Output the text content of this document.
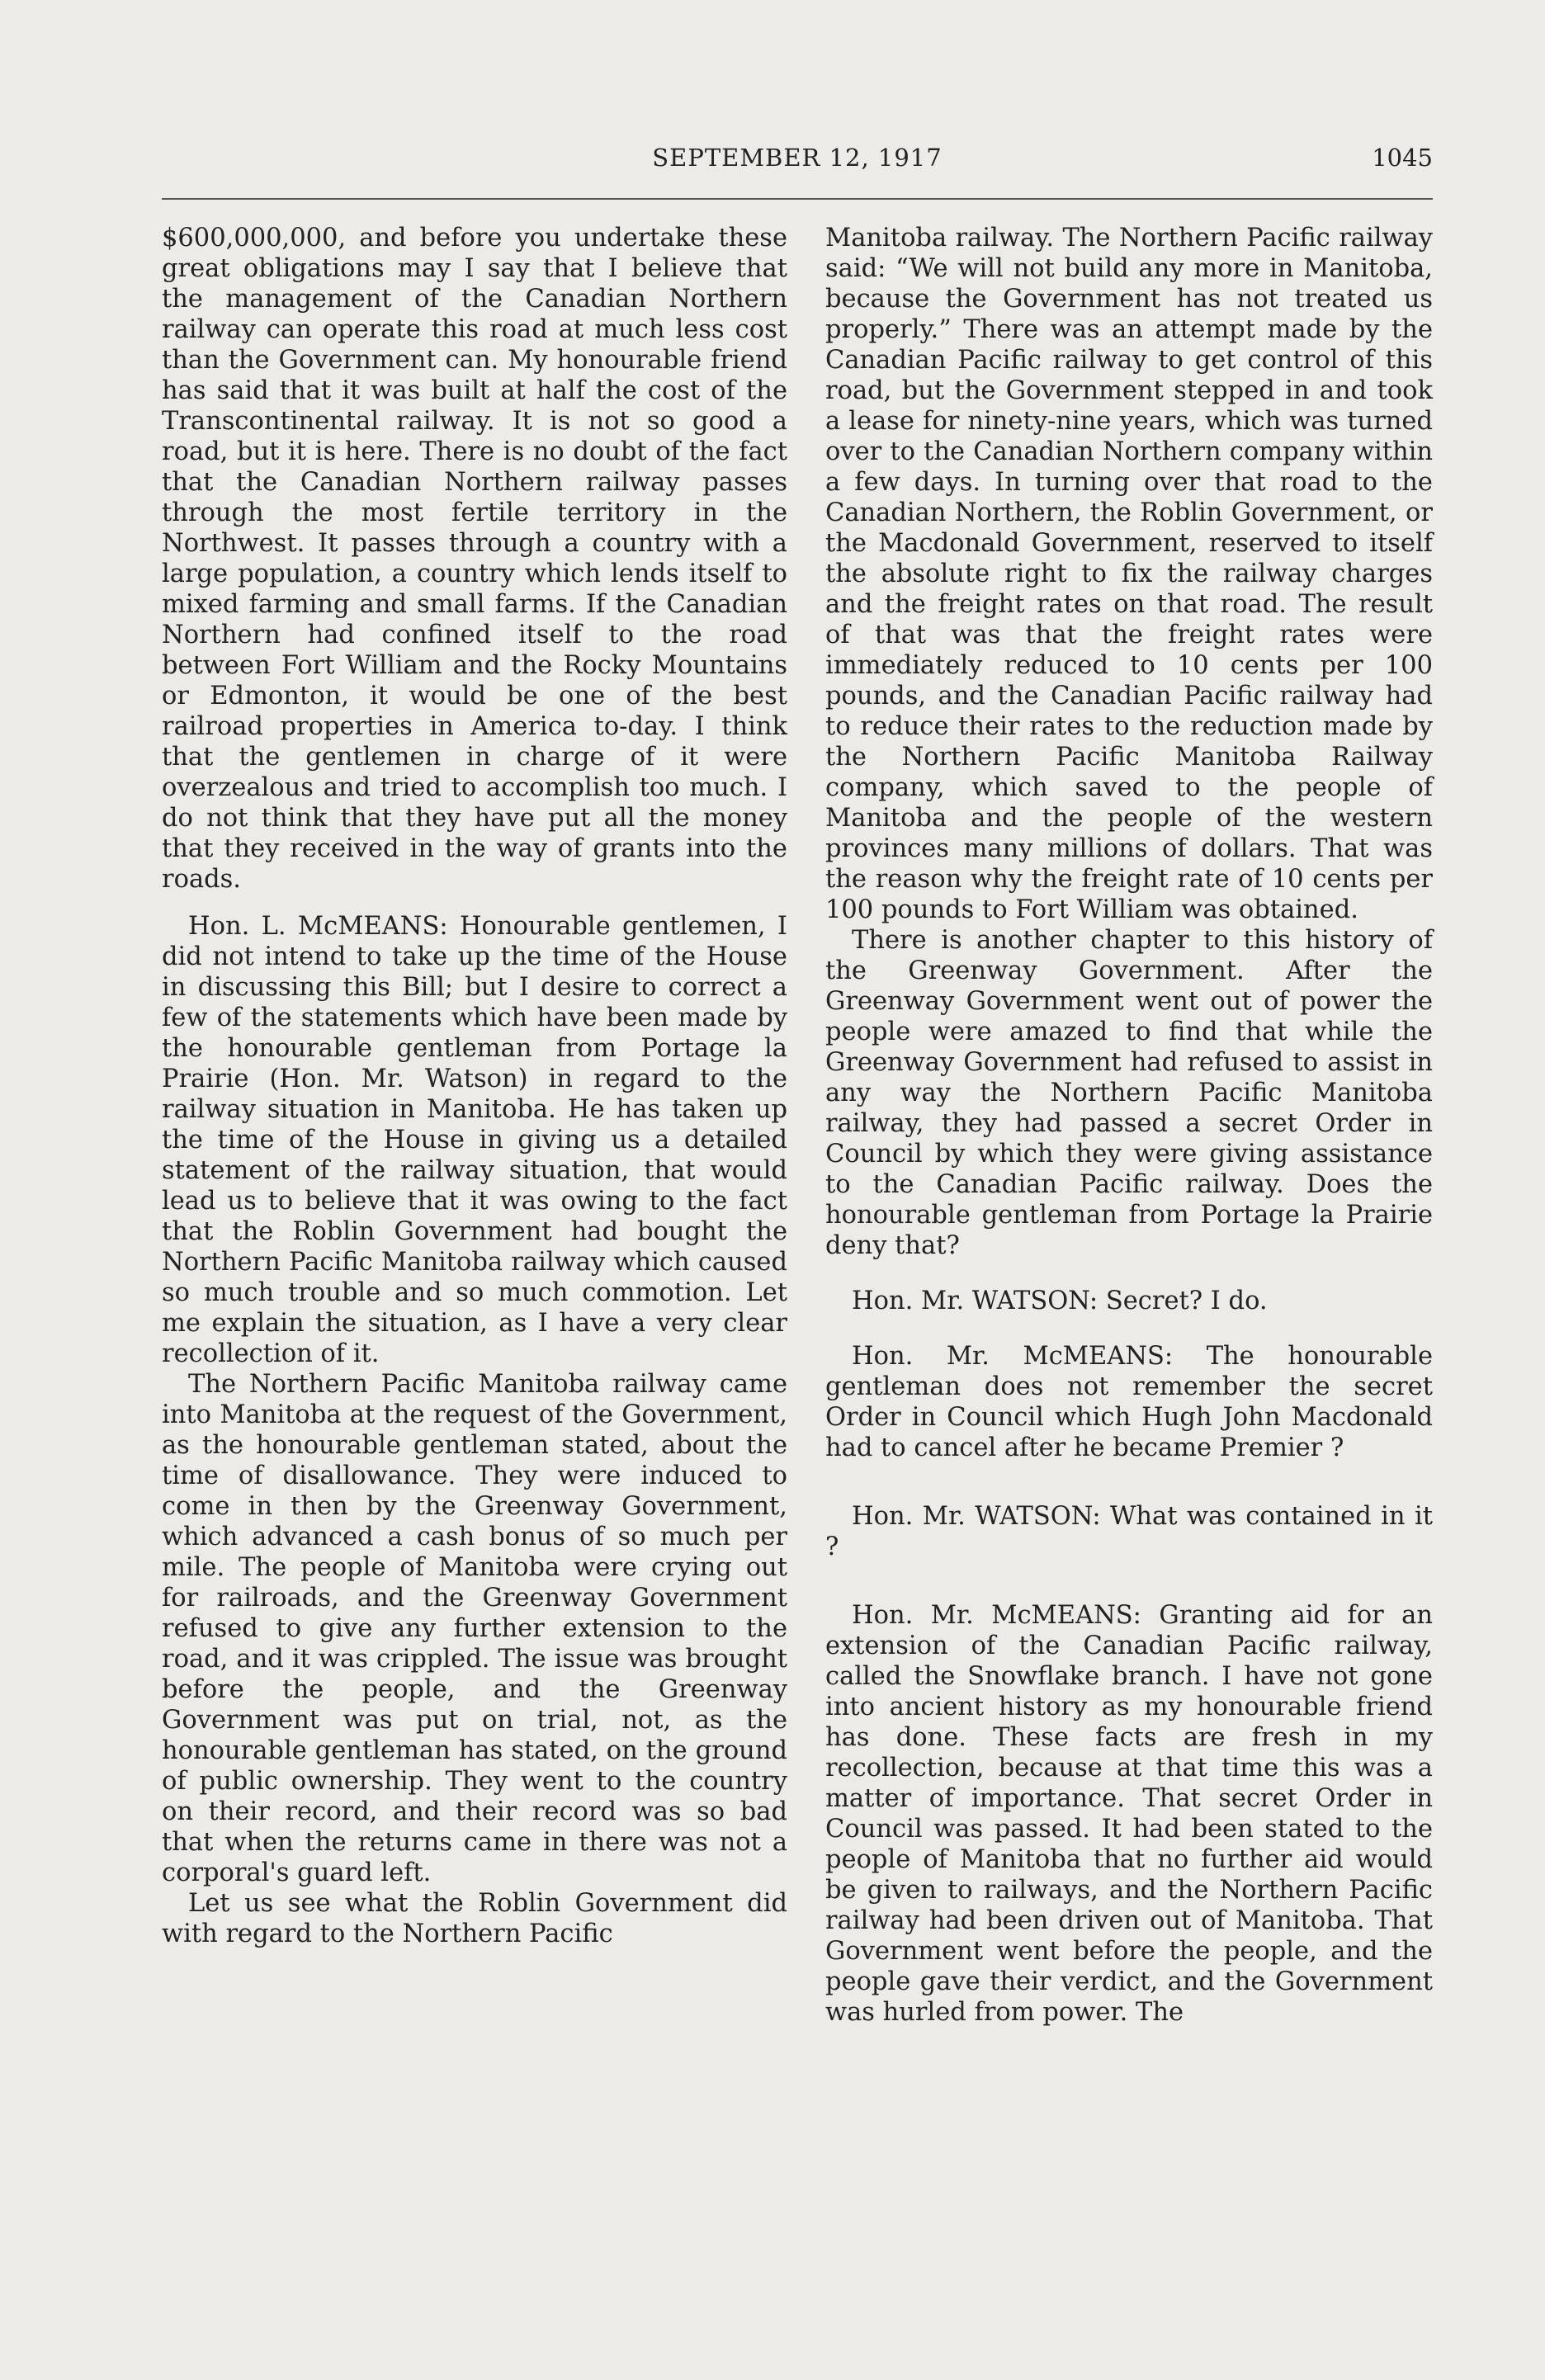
SEPTEMBER 12, 1917	1045

$600,000,000, and before you undertake these great obligations may I say that I believe that the management of the Canadian Northern railway can operate this road at much less cost than the Government can. My honourable friend has said that it was built at half the cost of the Transcontinental railway. It is not so good a road, but it is here. There is no doubt of the fact that the Canadian Northern railway passes through the most fertile territory in the Northwest. It passes through a country with a large population, a country which lends itself to mixed farming and small farms. If the Canadian Northern had confined itself to the road between Fort William and the Rocky Mountains or Edmonton, it would be one of the best railroad properties in America to-day. I think that the gentlemen in charge of it were overzealous and tried to accomplish too much. I do not think that they have put all the money that they received in the way of grants into the roads.

Hon. L. McMEANS: Honourable gentlemen, I did not intend to take up the time of the House in discussing this Bill; but I desire to correct a few of the statements which have been made by the honourable gentleman from Portage la Prairie (Hon. Mr. Watson) in regard to the railway situation in Manitoba. He has taken up the time of the House in giving us a detailed statement of the railway situation, that would lead us to believe that it was owing to the fact that the Roblin Government had bought the Northern Pacific Manitoba railway which caused so much trouble and so much commotion. Let me explain the situation, as I have a very clear recollection of it.

The Northern Pacific Manitoba railway came into Manitoba at the request of the Government, as the honourable gentleman stated, about the time of disallowance. They were induced to come in then by the Greenway Government, which advanced a cash bonus of so much per mile. The people of Manitoba were crying out for railroads, and the Greenway Government refused to give any further extension to the road, and it was crippled. The issue was brought before the people, and the Greenway Government was put on trial, not, as the honourable gentleman has stated, on the ground of public ownership. They went to the country on their record, and their record was so bad that when the returns came in there was not a corporal's guard left.

Let us see what the Roblin Government did with regard to the Northern Pacific

Manitoba railway. The Northern Pacific railway said: “We will not build any more in Manitoba, because the Government has not treated us properly.” There was an attempt made by the Canadian Pacific railway to get control of this road, but the Government stepped in and took a lease for ninety-nine years, which was turned over to the Canadian Northern company within a few days. In turning over that road to the Canadian Northern, the Roblin Government, or the Macdonald Government, reserved to itself the absolute right to fix the railway charges and the freight rates on that road. The result of that was that the freight rates were immediately reduced to 10 cents per 100 pounds, and the Canadian Pacific railway had to reduce their rates to the reduction made by the Northern Pacific Manitoba Railway company, which saved to the people of Manitoba and the people of the western provinces many millions of dollars. That was the reason why the freight rate of 10 cents per 100 pounds to Fort William was obtained.

There is another chapter to this history of the Greenway Government. After the Greenway Government went out of power the people were amazed to find that while the Greenway Government had refused to assist in any way the Northern Pacific Manitoba railway, they had passed a secret Order in Council by which they were giving assistance to the Canadian Pacific railway. Does the honourable gentleman from Portage la Prairie deny that?

Hon. Mr. WATSON: Secret? I do.

Hon. Mr. McMEANS: The honourable gentleman does not remember the secret Order in Council which Hugh John Macdonald had to cancel after he became Premier ?

Hon. Mr. WATSON: What was contained in it ?

Hon. Mr. McMEANS: Granting aid for an extension of the Canadian Pacific railway, called the Snowflake branch. I have not gone into ancient history as my honourable friend has done. These facts are fresh in my recollection, because at that time this was a matter of importance. That secret Order in Council was passed. It had been stated to the people of Manitoba that no further aid would be given to railways, and the Northern Pacific railway had been driven out of Manitoba. That Government went before the people, and the people gave their verdict, and the Government was hurled from power. The
